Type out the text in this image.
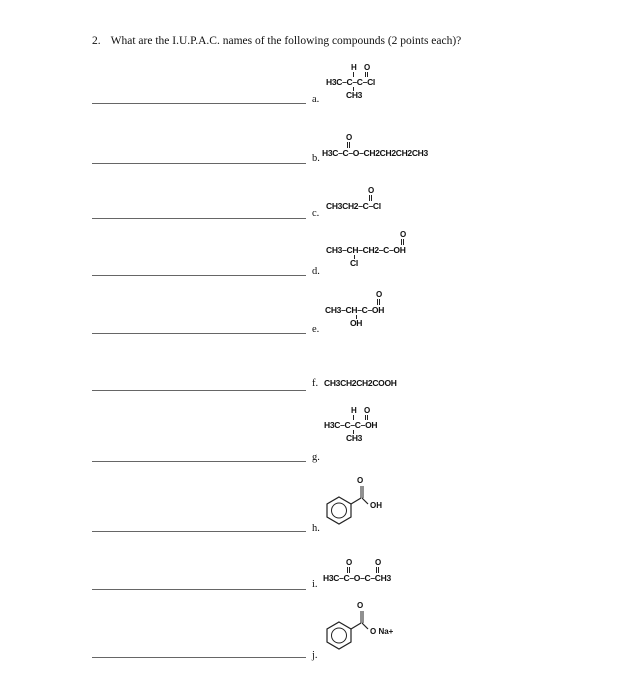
2. What are the I.U.P.A.C. names of the following compounds (2 points each)?
a.
H O
H3C–C–C–Cl
CH3
b.
O
H3C–C–O–CH2CH2CH2CH3
c.
O
CH3CH2–C–Cl
d.
O
CH3–CH–CH2–C–OH
Cl
e.
O
CH3–CH–C–OH
OH
f. CH3CH2CH2COOH
g.
H O
H3C–C–C–OH
CH3
h.
O
OH
i.
O	O
H3C–C–O–C–CH3
j.
O
O Na+
